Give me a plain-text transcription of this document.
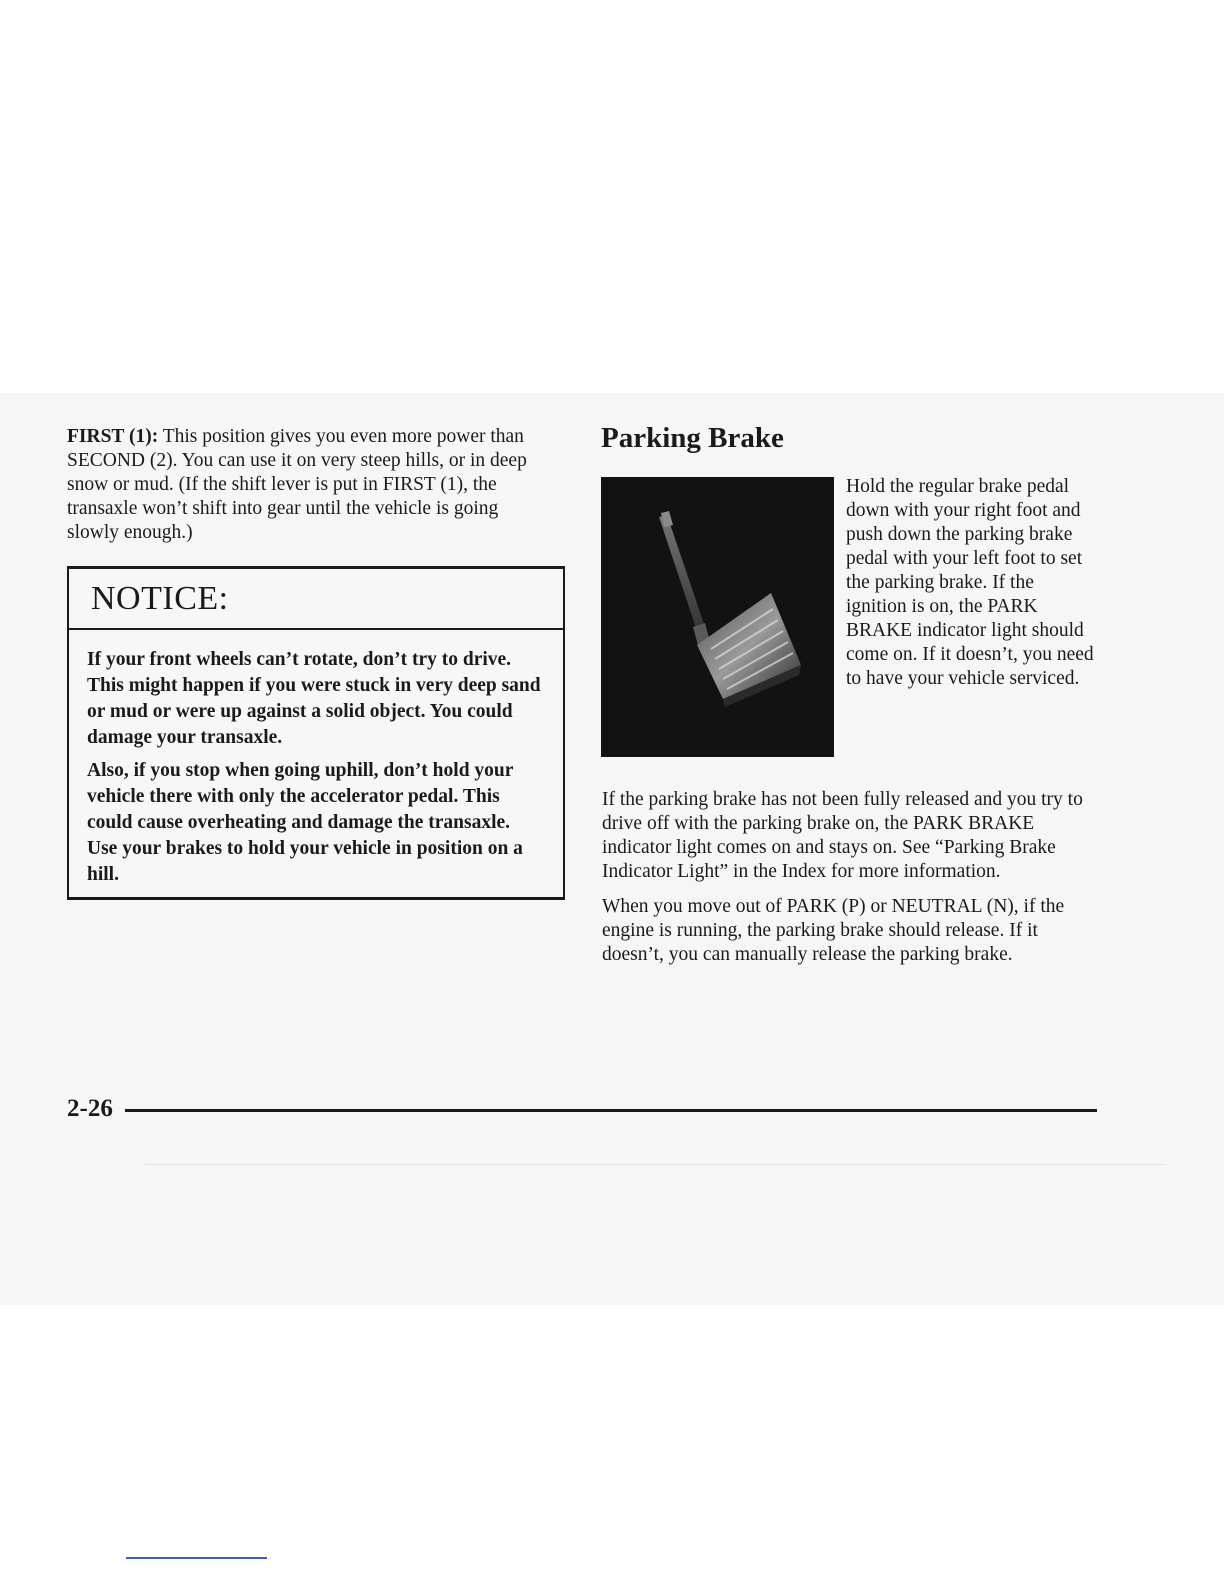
FIRST (1): This position gives you even more power than SECOND (2). You can use it on very steep hills, or in deep snow or mud. (If the shift lever is put in FIRST (1), the transaxle won’t shift into gear until the vehicle is going slowly enough.)

NOTICE:

If your front wheels can’t rotate, don’t try to drive. This might happen if you were stuck in very deep sand or mud or were up against a solid object. You could damage your transaxle.

Also, if you stop when going uphill, don’t hold your vehicle there with only the accelerator pedal. This could cause overheating and damage the transaxle. Use your brakes to hold your vehicle in position on a hill.

Parking Brake

Hold the regular brake pedal down with your right foot and push down the parking brake pedal with your left foot to set the parking brake. If the ignition is on, the PARK BRAKE indicator light should come on. If it doesn’t, you need to have your vehicle serviced.

If the parking brake has not been fully released and you try to drive off with the parking brake on, the PARK BRAKE indicator light comes on and stays on. See “Parking Brake Indicator Light” in the Index for more information.

When you move out of PARK (P) or NEUTRAL (N), if the engine is running, the parking brake should release. If it doesn’t, you can manually release the parking brake.

2-26
